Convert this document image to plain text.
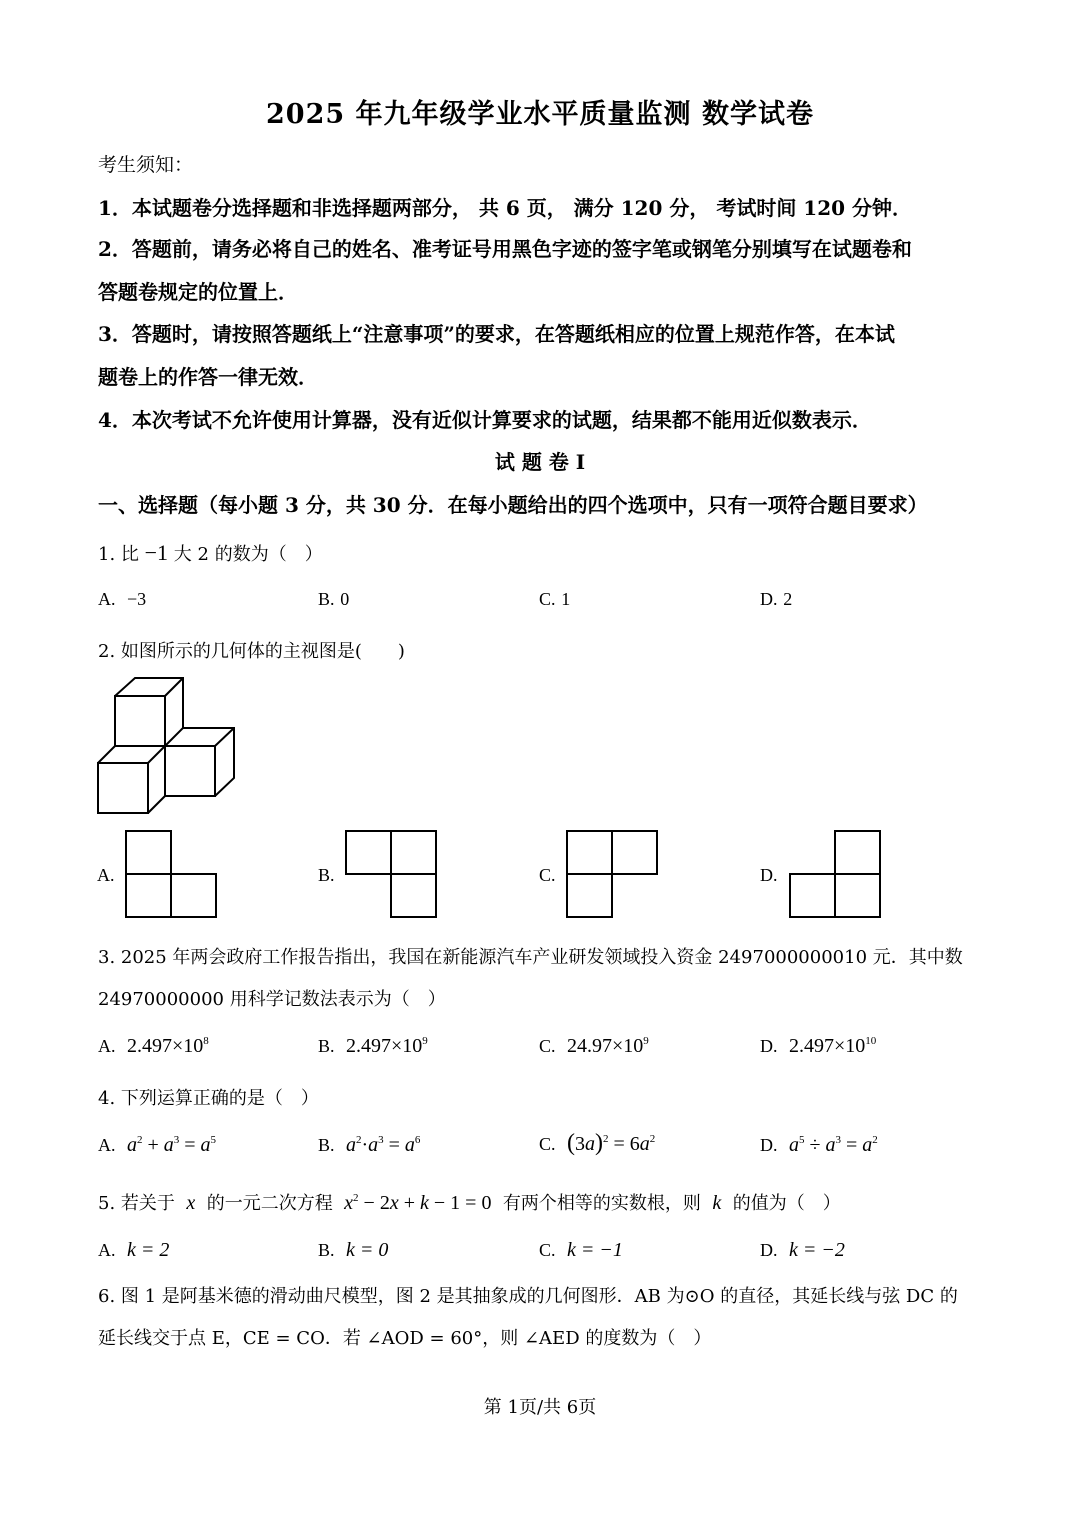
2025 年九年级学业水平质量监测 数学试卷
考生须知：
1．本试题卷分选择题和非选择题两部分， 共 6 页， 满分 120 分， 考试时间 120 分钟．
2．答题前，请务必将自己的姓名、准考证号用黑色字迹的签字笔或钢笔分别填写在试题卷和
答题卷规定的位置上．
3．答题时，请按照答题纸上“注意事项”的要求，在答题纸相应的位置上规范作答，在本试
题卷上的作答一律无效．
4．本次考试不允许使用计算器，没有近似计算要求的试题，结果都不能用近似数表示．
试 题 卷 I
一、选择题（每小题 3 分，共 30 分．在每小题给出的四个选项中，只有一项符合题目要求）
1. 比 −1 大 2 的数为（　）
A. −3	B. 0	C. 1	D. 2
2. 如图所示的几何体的主视图是(　　)
A.	B.	C.	D.
3. 2025 年两会政府工作报告指出，我国在新能源汽车产业研发领域投入资金 2497000000010 元．其中数
24970000000 用科学记数法表示为（　）
A. $2.497\times 10^8$	B. $2.497\times 10^9$	C. $24.97\times 10^9$	D. $2.497\times 10^{10}$
4. 下列运算正确的是（　）
A. $a^2 + a^3 = a^5$	B. $a^2\cdot a^3 = a^6$	C. $(3a)^2 = 6a^2$	D. $a^5 \div a^3 = a^2$
5. 若关于 x 的一元二次方程 $x^2 - 2x + k - 1 = 0$ 有两个相等的实数根，则 k 的值为（　）
A. k = 2	B. k = 0	C. k = −1	D. k = −2
6. 图 1 是阿基米德的滑动曲尺模型，图 2 是其抽象成的几何图形．AB 为⊙O 的直径，其延长线与弦 DC 的
延长线交于点 E，CE = CO．若 ∠AOD = 60°，则 ∠AED 的度数为（　）
第 1页/共 6页
